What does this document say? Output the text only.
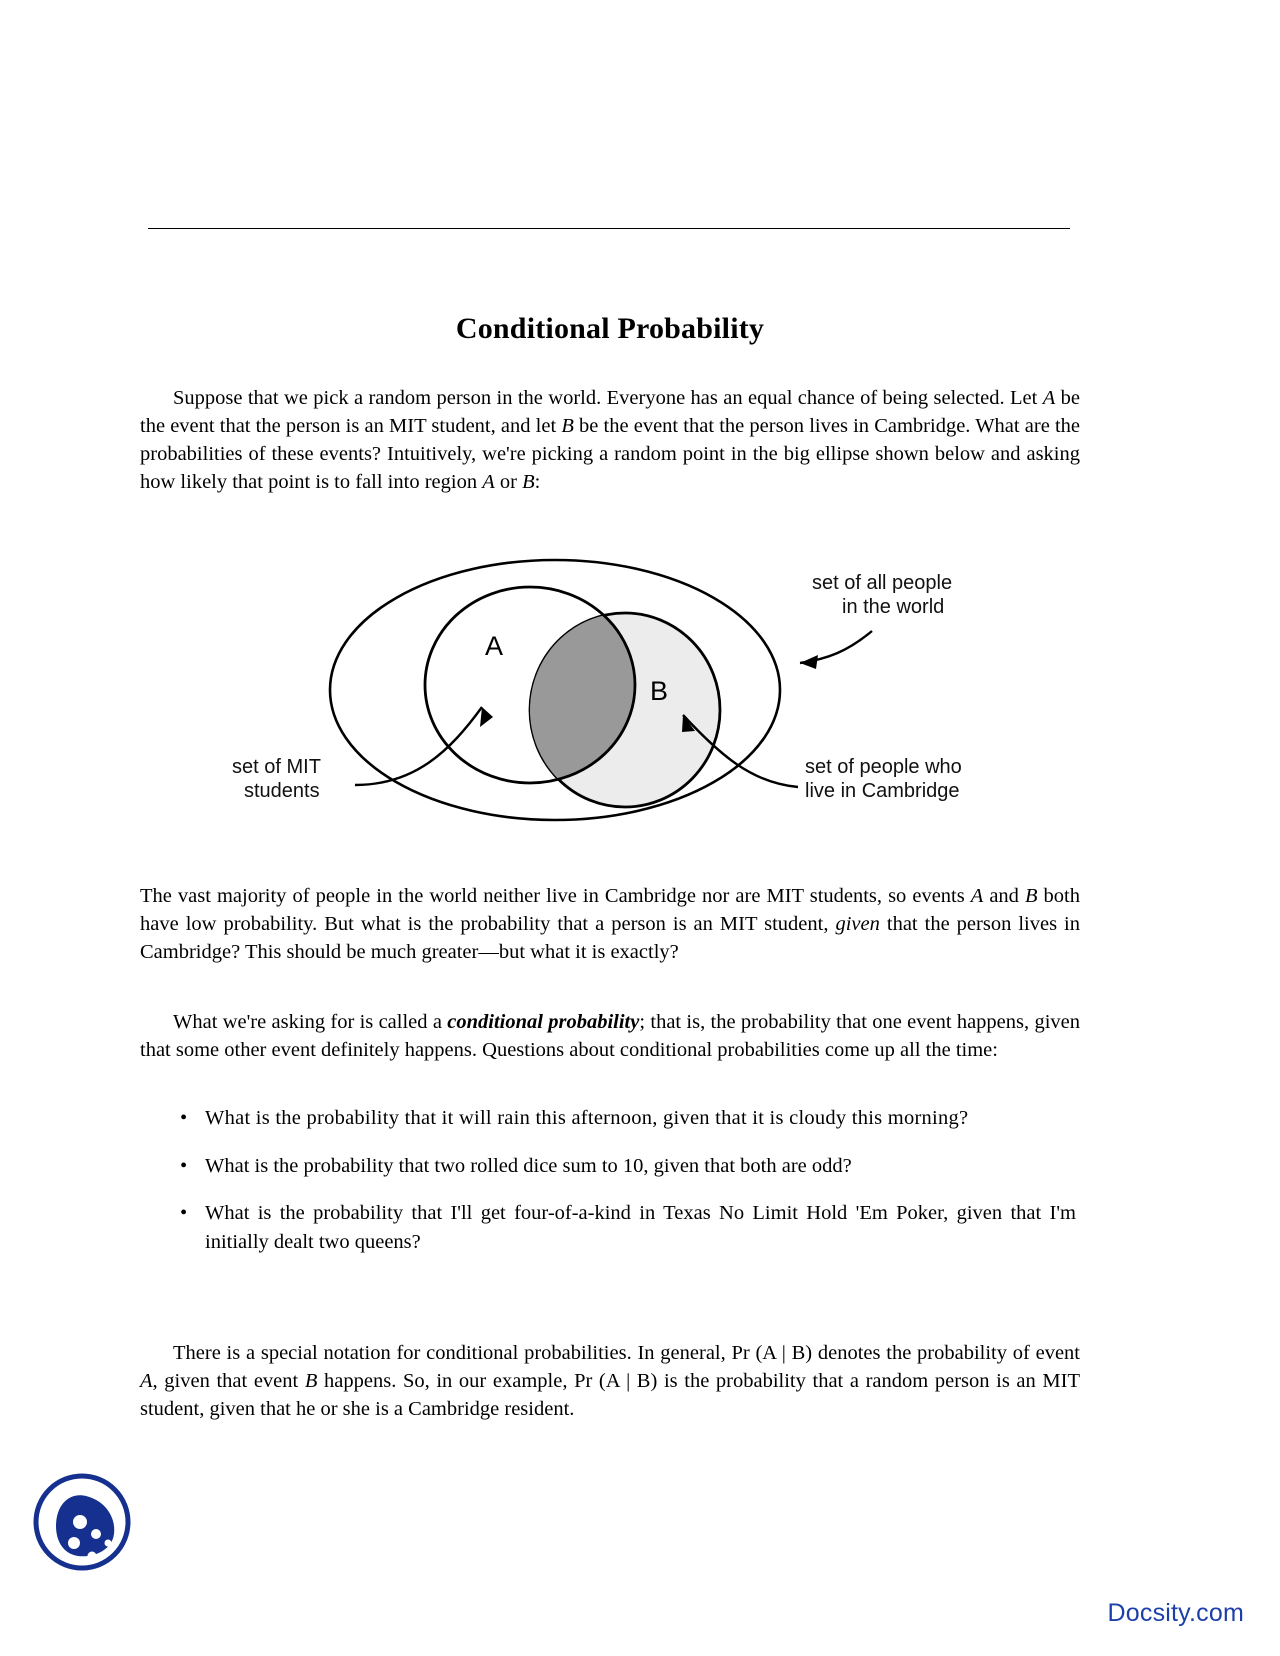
Conditional Probability

Suppose that we pick a random person in the world. Everyone has an equal chance of being selected. Let A be the event that the person is an MIT student, and let B be the event that the person lives in Cambridge. What are the probabilities of these events? Intuitively, we're picking a random point in the big ellipse shown below and asking how likely that point is to fall into region A or B:

A
B
set of all people
in the world
set of MIT
students
set of people who
live in Cambridge

The vast majority of people in the world neither live in Cambridge nor are MIT students, so events A and B both have low probability. But what is the probability that a person is an MIT student, given that the person lives in Cambridge? This should be much greater—but what it is exactly?

What we're asking for is called a conditional probability; that is, the probability that one event happens, given that some other event definitely happens. Questions about conditional probabilities come up all the time:

• What is the probability that it will rain this afternoon, given that it is cloudy this morning?
• What is the probability that two rolled dice sum to 10, given that both are odd?
• What is the probability that I'll get four-of-a-kind in Texas No Limit Hold 'Em Poker, given that I'm initially dealt two queens?

There is a special notation for conditional probabilities. In general, Pr (A | B) denotes the probability of event A, given that event B happens. So, in our example, Pr (A | B) is the probability that a random person is an MIT student, given that he or she is a Cambridge resident.

Docsity.com
